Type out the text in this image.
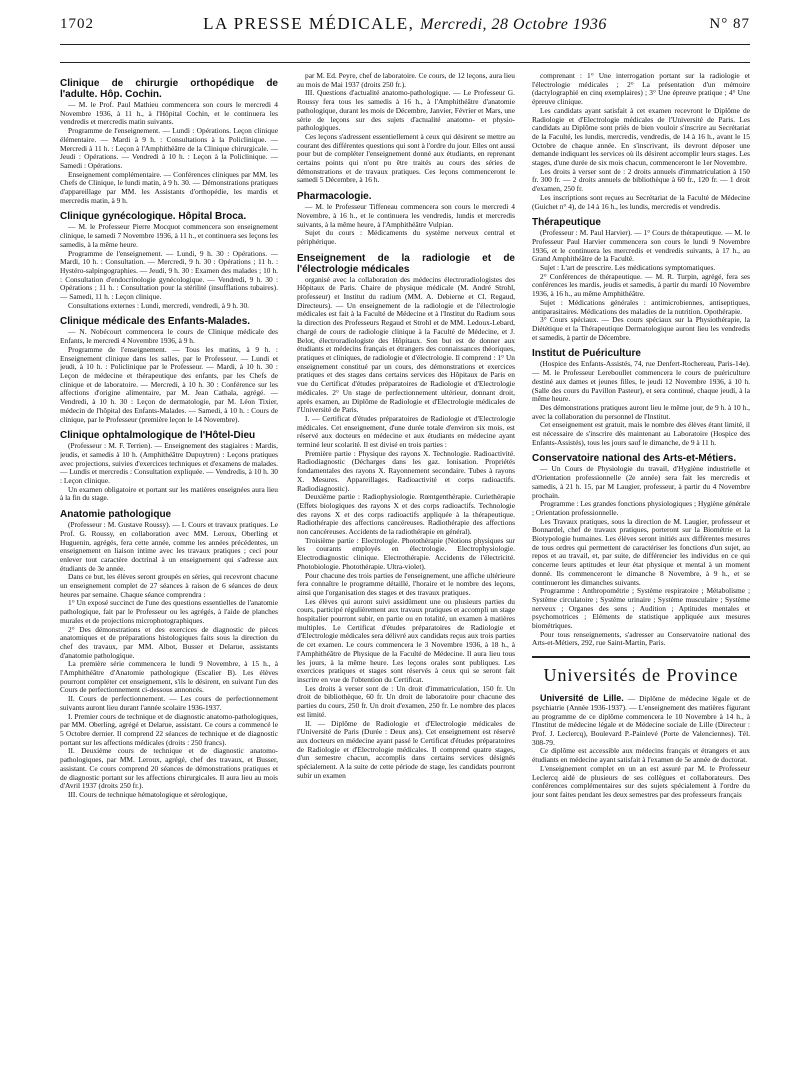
1702	LA PRESSE MÉDICALE, Mercredi, 28 Octobre 1936	N° 87
Clinique de chirurgie orthopédique de l'adulte. Hôp. Cochin.

— M. le Prof. Paul Mathieu commencera son cours le mercredi 4 Novembre 1936, à 11 h., à l'Hôpital Cochin, et le continuera les vendredis et mercredis matin suivants.

Programme de l'enseignement. — Lundi : Opérations. Leçon clinique élémentaire. — Mardi à 9 h. : Consultations à la Policlinique. — Mercredi à 11 h. : Leçon à l'Amphithéâtre de la Clinique chirurgicale. — Jeudi : Opérations. — Vendredi à 10 h. : Leçon à la Policlinique. — Samedi : Opérations.

Enseignement complémentaire. — Conférences cliniques par MM. les Chefs de Clinique, le lundi matin, à 9 h. 30. — Démonstrations pratiques d'appareillage par MM. les Assistants d'orthopédie, les mardis et mercredis matin, à 9 h.

Clinique gynécologique. Hôpital Broca.

— M. le Professeur Pierre Mocquot commencera son enseignement clinique, le samedi 7 Novembre 1936, à 11 h., et continuera ses leçons les samedis, à la même heure.

Programme de l'enseignement. — Lundi, 9 h. 30 : Opérations. — Mardi, 10 h. : Consultation. — Mercredi, 9 h. 30 : Opérations ; 11 h. : Hystéro-salpingographies. — Jeudi, 9 h. 30 : Examen des malades ; 10 h. : Consultation d'endocrinologie gynécologique. — Vendredi, 9 h. 30 : Opérations ; 11 h. : Consultation pour la stérilité (insufflations tubaires). — Samedi, 11 h. : Leçon clinique.

Consultations externes : Lundi, mercredi, vendredi, à 9 h. 30.

Clinique médicale des Enfants-Malades.

— N. Nobécourt commencera le cours de Clinique médicale des Enfants, le mercredi 4 Novembre 1936, à 9 h.

Programme de l'enseignement. — Tous les matins, à 9 h. : Enseignement clinique dans les salles, par le Professeur. — Lundi et jeudi, à 10 h. : Policlinique par le Professeur. — Mardi, à 10 h. 30 : Leçon de médecine et thérapeutique des enfants, par les Chefs de clinique et de laboratoire. — Mercredi, à 10 h. 30 : Conférence sur les affections d'origine alimentaire, par M. Jean Cathala, agrégé. — Vendredi, à 10 h. 30 : Leçon de dermatologie, par M. Léon Tixier, médecin de l'hôpital des Enfants-Malades. — Samedi, à 10 h. : Cours de clinique, par le Professeur (première leçon le 14 Novembre).

Clinique ophtalmologique de l'Hôtel-Dieu

(Professeur : M. F. Terrien). — Enseignement des stagiaires : Mardis, jeudis, et samedis à 10 h. (Amphithéâtre Dupuytren) : Leçons pratiques avec projections, suivies d'exercices techniques et d'examens de malades. — Lundis et mercredis : Consultation expliquée. — Vendredis, à 10 h. 30 : Leçon clinique.

Un examen obligatoire et portant sur les matières enseignées aura lieu à la fin du stage.

Anatomie pathologique

(Professeur : M. Gustave Roussy). — I. Cours et travaux pratiques. Le Prof. G. Roussy, en collaboration avec MM. Leroux, Oberling et Huguenin, agrégés, fera cette année, comme les années précédentes, un enseignement en liaison intime avec les travaux pratiques ; ceci pour enlever tout caractère doctrinal à un enseignement qui s'adresse aux étudiants de 3e année.

Dans ce but, les élèves seront groupés en séries, qui recevront chacune un enseignement complet de 27 séances à raison de 6 séances de deux heures par semaine. Chaque séance comprendra :

1° Un exposé succinct de l'une des questions essentielles de l'anatomie pathologique, fait par le Professeur ou les agrégés, à l'aide de planches murales et de projections microphotographiques.

2° Des démonstrations et des exercices de diagnostic de pièces anatomiques et de préparations histologiques faits sous la direction du chef des travaux, par MM. Albot, Busser et Delarue, assistants d'anatomie pathologique.

La première série commencera le lundi 9 Novembre, à 15 h., à l'Amphithéâtre d'Anatomie pathologique (Escalier B). Les élèves pourront compléter cet enseignement, s'ils le désirent, en suivant l'un des Cours de perfectionnement ci-dessous annoncés.

II. Cours de perfectionnement. — Les cours de perfectionnement suivants auront lieu durant l'année scolaire 1936-1937.

I. Premier cours de technique et de diagnostic anatomo-pathologiques, par MM. Oberling, agrégé et Delarue, assistant. Ce cours a commencé le 5 Octobre dernier. Il comprend 22 séances de technique et de diagnostic portant sur les affections médicales (droits : 250 francs).

II. Deuxième cours de technique et de diagnostic anatomo-pathologiques, par MM. Leroux, agrégé, chef des travaux, et Busser, assistant. Ce cours comprend 20 séances de démonstrations pratiques et de diagnostic portant sur les affections chirurgicales. Il aura lieu au mois d'Avril 1937 (droits 250 fr.).

III. Cours de technique hématologique et sérologique,

par M. Ed. Peyre, chef de laboratoire. Ce cours, de 12 leçons, aura lieu au mois de Mai 1937 (droits 250 fr.).

III. Questions d'actualité anatomo-pathologique. — Le Professeur G. Roussy fera tous les samedis à 16 h., à l'Amphithéâtre d'anatomie pathologique, durant les mois de Décembre, Janvier, Février et Mars, une série de leçons sur des sujets d'actualité anatomo- et physio-pathologiques.

Ces leçons s'adressent essentiellement à ceux qui désirent se mettre au courant des différentes questions qui sont à l'ordre du jour. Elles ont aussi pour but de compléter l'enseignement donné aux étudiants, en reprenant certains points qui n'ont pu être traités au cours des séries de démonstrations et de travaux pratiques. Ces leçons commenceront le samedi 5 Décembre, à 16 h.

Pharmacologie.

— M. le Professeur Tiffeneau commencera son cours le mercredi 4 Novembre, à 16 h., et le continuera les vendredis, lundis et mercredis suivants, à la même heure, à l'Amphithéâtre Vulpian.

Sujet du cours : Médicaments du système nerveux central et périphérique.

Enseignement de la radiologie et de l'électrologie médicales

organisé avec la collaboration des médecins électroradiologistes des Hôpitaux de Paris. Chaire de physique médicale (M. André Strohl, professeur) et Institut du radium (MM. A. Debierne et Cl. Regaud, Directeurs). — Un enseignement de la radiologie et de l'électrologie médicales est fait à la Faculté de Médecine et à l'Institut du Radium sous la direction des Professeurs Regaud et Strohl et de MM. Ledoux-Lebard, chargé de cours de radiologie clinique à la Faculté de Médecine, et J. Belot, électroradiologiste des Hôpitaux. Son but est de donner aux étudiants et médecins français et étrangers des connaissances théoriques, pratiques et cliniques, de radiologie et d'électrologie. Il comprend : 1° Un enseignement constitué par un cours, des démonstrations et exercices pratiques et des stages dans certains services des Hôpitaux de Paris en vue du Certificat d'études préparatoires de Radiologie et d'Electrologie médicales. 2° Un stage de perfectionnement ultérieur, donnant droit, après examen, au Diplôme de Radiologie et d'Electrologie médicales de l'Université de Paris.

I. — Certificat d'études préparatoires de Radiologie et d'Electrologie médicales. Cet enseignement, d'une durée totale d'environ six mois, est réservé aux docteurs en médecine et aux étudiants en médecine ayant terminé leur scolarité. Il est divisé en trois parties :

Première partie : Physique des rayons X. Technologie. Radioactivité. Radiodiagnostic (Décharges dans les gaz. Ionisation. Propriétés fondamentales des rayons X. Rayonnement secondaire. Tubes à rayons X. Mesures. Appareillages. Radioactivité et corps radioactifs. Radiodiagnostic).

Deuxième partie : Radiophysiologie. Rœntgenthérapie. Curiethérapie (Effets biologiques des rayons X et des corps radioactifs. Technologie des rayons X et des corps radioactifs appliquée à la thérapeutique. Radiothérapie des affections cancéreuses. Radiothérapie des affections non cancéreuses. Accidents de la radiothérapie en général).

Troisième partie : Electrologie. Photothérapie (Notions physiques sur les courants employés en électrologie. Electrophysiologie. Electrodiagnostic clinique. Electrothérapie. Accidents de l'électricité. Photobiologie. Photothérapie. Ultra-violet).

Pour chacune des trois parties de l'enseignement, une affiche ultérieure fera connaître le programme détaillé, l'horaire et le nombre des leçons, ainsi que l'organisation des stages et des travaux pratiques.

Les élèves qui auront suivi assidûment une ou plusieurs parties du cours, participé régulièrement aux travaux pratiques et accompli un stage hospitalier pourront subir, en partie ou en totalité, un examen à matières multiples. Le Certificat d'études préparatoires de Radiologie et d'Electrologie médicales sera délivré aux candidats reçus aux trois parties de cet examen. Le cours commencera le 3 Novembre 1936, à 18 h., à l'Amphithéâtre de Physique de la Faculté de Médecine. Il aura lieu tous les jours, à la même heure. Les leçons orales sont publiques. Les exercices pratiques et stages sont réservés à ceux qui se seront fait inscrire en vue de l'obtention du Certificat.

Les droits à verser sont de : Un droit d'immatriculation, 150 fr. Un droit de bibliothèque, 60 fr. Un droit de laboratoire pour chacune des parties du cours, 250 fr. Un droit d'examen, 250 fr. Le nombre des places est limité.

II. — Diplôme de Radiologie et d'Electrologie médicales de l'Université de Paris (Durée : Deux ans). Cet enseignement est réservé aux docteurs en médecine ayant passé le Certificat d'études préparatoires de Radiologie et d'Electrologie médicales. Il comprend quatre stages, d'un semestre chacun, accomplis dans certains services désignés spécialement. A la suite de cette période de stage, les candidats pourront subir un examen

comprenant : 1° Une interrogation portant sur la radiologie et l'électrologie médicales ; 2° La présentation d'un mémoire (dactylographié en cinq exemplaires) ; 3° Une épreuve pratique ; 4° Une épreuve clinique.

Les candidats ayant satisfait à cet examen recevront le Diplôme de Radiologie et d'Electrologie médicales de l'Université de Paris. Les candidats au Diplôme sont priés de bien vouloir s'inscrire au Secrétariat de la Faculté, les lundis, mercredis, vendredis, de 14 à 16 h., avant le 15 Octobre de chaque année. En s'inscrivant, ils devront déposer une demande indiquant les services où ils désirent accomplir leurs stages. Les stages, d'une durée de six mois chacun, commenceront le 1er Novembre.

Les droits à verser sont de : 2 droits annuels d'immatriculation à 150 fr. 300 fr. — 2 droits annuels de bibliothèque à 60 fr., 120 fr. — 1 droit d'examen, 250 fr.

Les inscriptions sont reçues au Secrétariat de la Faculté de Médecine (Guichet n° 4), de 14 à 16 h., les lundis, mercredis et vendredis.

Thérapeutique

(Professeur : M. Paul Harvier). — 1° Cours de thérapeutique. — M. le Professeur Paul Harvier commencera son cours le lundi 9 Novembre 1936, et le continuera les mercredis et vendredis suivants, à 17 h., au Grand Amphithéâtre de la Faculté.

Sujet : L'art de prescrire. Les médications symptomatiques.

2° Conférences de thérapeutique. — M. R. Turpin, agrégé, fera ses conférences les mardis, jeudis et samedis, à partir du mardi 10 Novembre 1936, à 16 h., au même Amphithéâtre.

Sujet : Médications générales : antimicrobiennes, antiseptiques, antiparasitaires. Médications des maladies de la nutrition. Opothérapie.

3° Cours spéciaux. — Des cours spéciaux sur la Physiothérapie, la Diététique et la Thérapeutique Dermatologique auront lieu les vendredis et samedis, à partir de Décembre.

Institut de Puériculture

(Hospice des Enfants-Assistés, 74, rue Denfert-Rochereau, Paris-14e). — M. le Professeur Lereboullet commencera le cours de puériculture destiné aux dames et jeunes filles, le jeudi 12 Novembre 1936, à 10 h. (Salle des cours du Pavillon Pasteur), et sera continué, chaque jeudi, à la même heure.

Des démonstrations pratiques auront lieu le même jour, de 9 h. à 10 h., avec la collaboration du personnel de l'Institut.

Cet enseignement est gratuit, mais le nombre des élèves étant limité, il est nécessaire de s'inscrire dès maintenant au Laboratoire (Hospice des Enfants-Assistés), tous les jours sauf le dimanche, de 9 à 11 h.

Conservatoire national des Arts-et-Métiers.

— Un Cours de Physiologie du travail, d'Hygiène industrielle et d'Orientation professionnelle (2e année) sera fait les mercredis et samedis, à 21 h. 15, par M Laugier, professeur, à partir du 4 Novembre prochain.

Programme : Les grandes fonctions physiologiques ; Hygiène générale ; Orientation professionnelle.

Les Travaux pratiques, sous la direction de M. Laugier, professeur et Bonnardel, chef de travaux pratiques, porteront sur la Biométrie et la Biotypologie humaines. Les élèves seront initiés aux différentes mesures de tous ordres qui permettent de caractériser les fonctions d'un sujet, au repos et au travail, et, par suite, de différencier les individus en ce qui concerne leurs aptitudes et leur état physique et mental à un moment donné. Ils commenceront le dimanche 8 Novembre, à 9 h., et se continueront les dimanches suivants.

Programme : Anthropométrie ; Système respiratoire ; Métabolisme ; Système circulatoire ; Système urinaire ; Système musculaire ; Système nerveux ; Organes des sens ; Audition ; Aptitudes mentales et psychomotrices ; Eléments de statistique appliquée aux mesures biométriques.

Pour tous renseignements, s'adresser au Conservatoire national des Arts-et-Métiers, 292, rue Saint-Martin, Paris.

Universités de Province

Université de Lille. — Diplôme de médecine légale et de psychiatrie (Année 1936-1937). — L'enseignement des matières figurant au programme de ce diplôme commencera le 10 Novembre à 14 h., à l'Institut de médecine légale et de Médecine sociale de Lille (Directeur : Prof. J. Leclercq), Boulevard P.-Painlevé (Porte de Valenciennes). Tél. 308-79.

Ce diplôme est accessible aux médecins français et étrangers et aux étudiants en médecine ayant satisfait à l'examen de 5e année de doctorat.

L'enseignement complet en un an est assuré par M. le Professeur Leclercq aidé de plusieurs de ses collègues et collaborateurs. Des conférences complémentaires sur des sujets spécialement à l'ordre du jour sont faites pendant les deux semestres par des professeurs français
